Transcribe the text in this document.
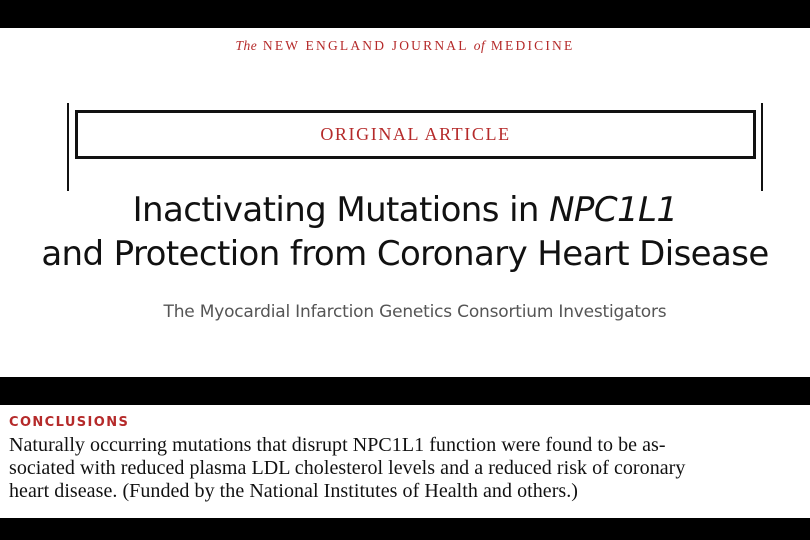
The NEW ENGLAND JOURNAL of MEDICINE
ORIGINAL ARTICLE
Inactivating Mutations in NPC1L1
and Protection from Coronary Heart Disease
The Myocardial Infarction Genetics Consortium Investigators
CONCLUSIONS
Naturally occurring mutations that disrupt NPC1L1 function were found to be as-
sociated with reduced plasma LDL cholesterol levels and a reduced risk of coronary
heart disease. (Funded by the National Institutes of Health and others.)
